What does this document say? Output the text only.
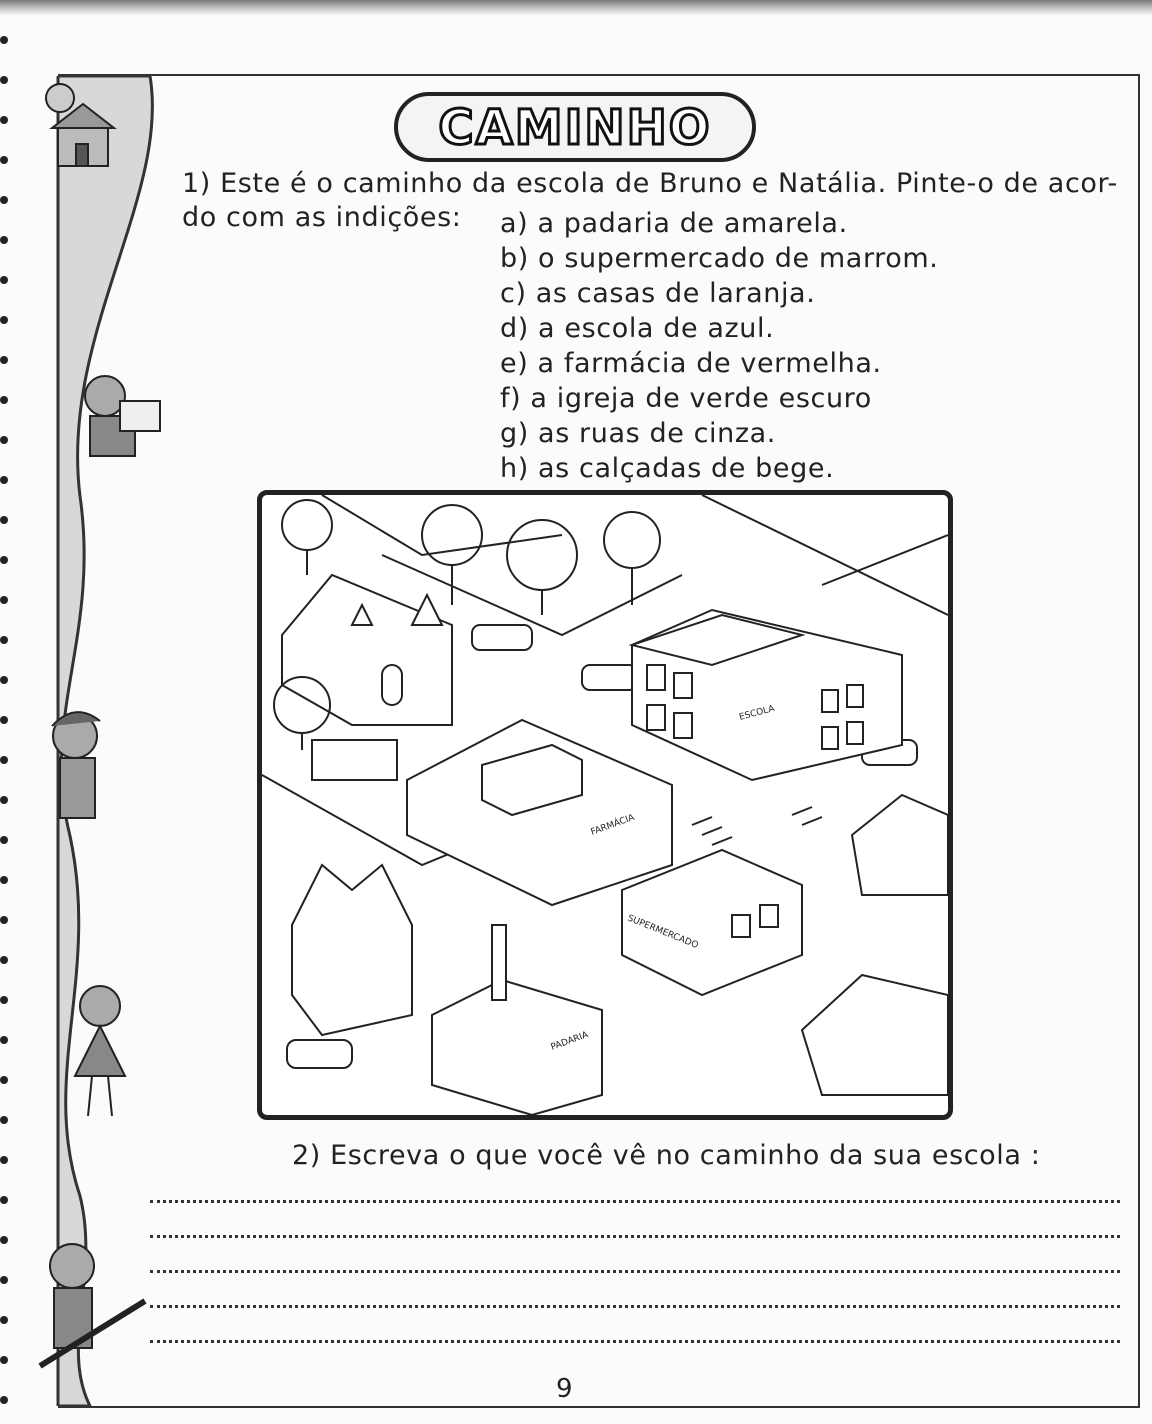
CAMINHO
1) Este é o caminho da escola de Bruno e Natália. Pinte-o de acor-
do com as indições: a) a padaria de amarela.
b) o supermercado de marrom.
c) as casas de laranja.
d) a escola de azul.
e) a farmácia de vermelha.
f) a igreja de verde escuro
g) as ruas de cinza.
h) as calçadas de bege.
ESCOLA
FARMÁCIA
SUPERMERCADO
PADARIA
2) Escreva o que você vê no caminho da sua escola :
9
